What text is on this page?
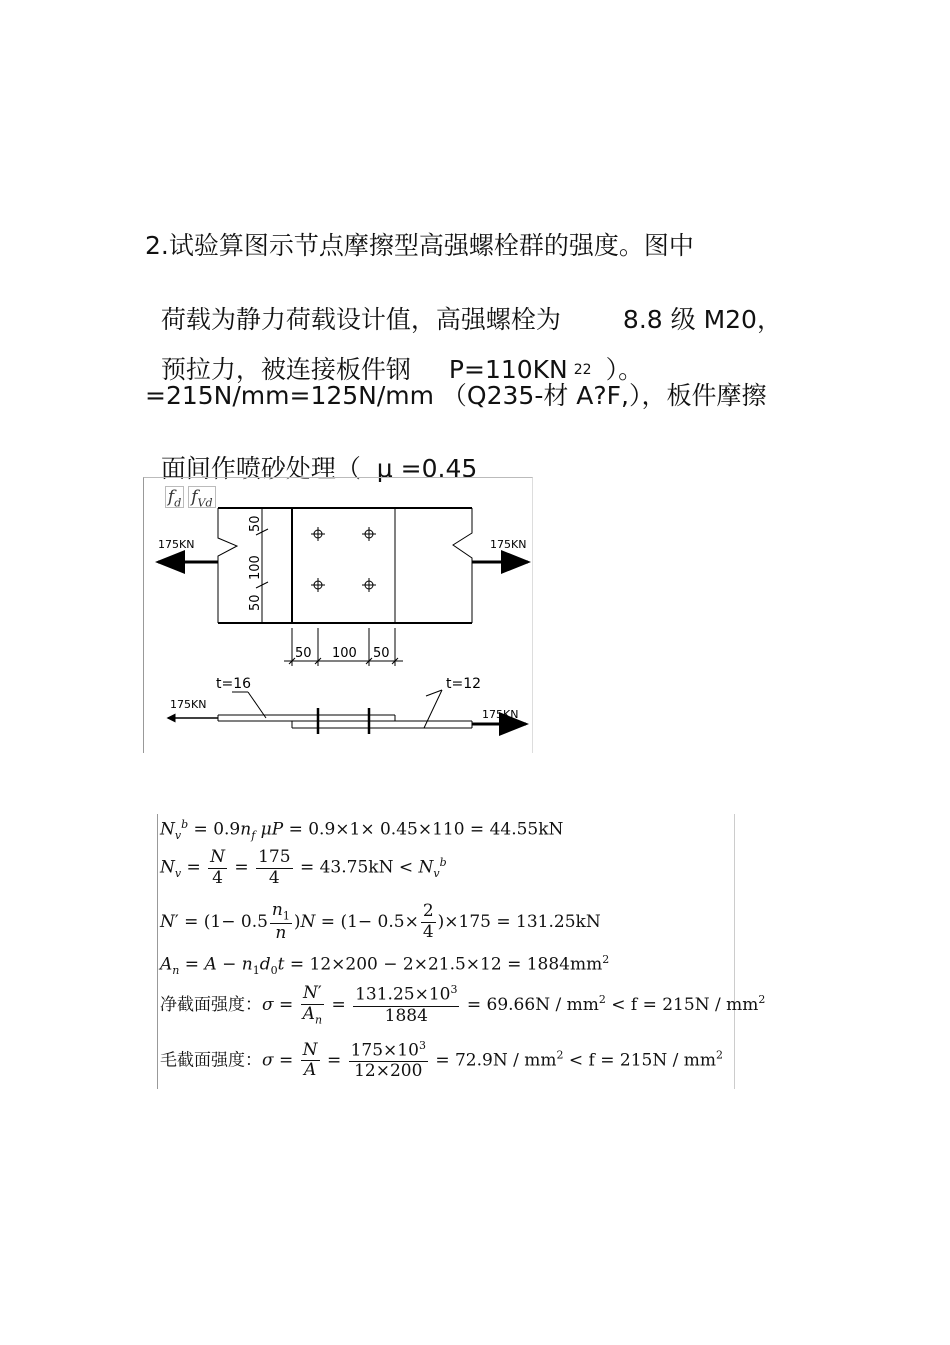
2.试验算图示节点摩擦型高强螺栓群的强度。图中

荷载为静力荷载设计值，高强螺栓为 8.8 级 M20，

预拉力，被连接板件钢 P=110KN 22 ）。

=215N/mm=125N/mm （Q235-材 A?F,），板件摩擦

面间作喷砂处理（  μ =0.45
$f_d$ $f_{Vd}$

175KN	175KN
50
100
50
50 100 50
t=16	t=12
175KN
175KN
$N_v^b = 0.9n_f$ μP = 0.9×1× 0.45×110 = 44.55kN
$N_v = \frac{N}{4} = \frac{175}{4} = 43.75kN < N_v^b$
$N' = (1- 0.5 \frac{n_1}{n} )N = (1- 0.5\times \frac{2}{4} )\times 175 = 131.25kN$
$A_n = A - n_1d_0t = 12\times 200 - 2\times 21.5\times 12 = 1884mm^2$
净截面强度：$\sigma = \frac{N'}{A_n} = \frac{131.25\times 10^3}{1884} = 69.66N / mm^2 < f = 215N / mm^2$
毛截面强度：$\sigma = \frac{N}{A} = \frac{175\times 10^3}{12\times 200} = 72.9N / mm^2 < f = 215N / mm^2$
